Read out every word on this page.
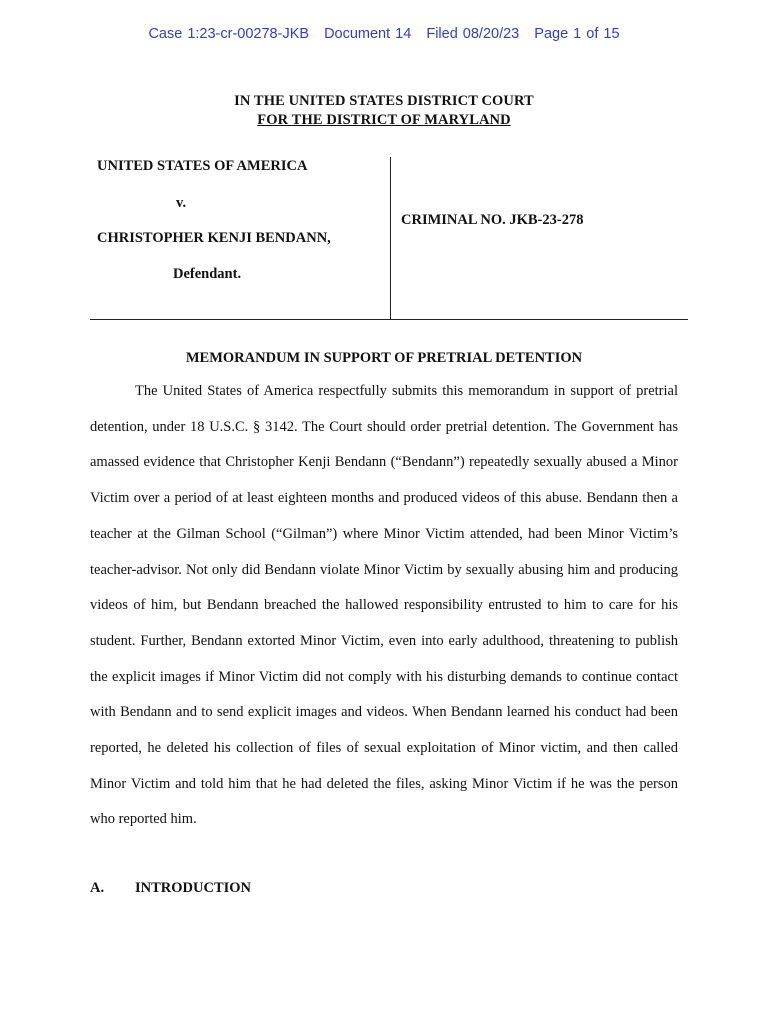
Case 1:23-cr-00278-JKB Document 14 Filed 08/20/23 Page 1 of 15
IN THE UNITED STATES DISTRICT COURT
FOR THE DISTRICT OF MARYLAND
UNITED STATES OF AMERICA
v.
CHRISTOPHER KENJI BENDANN,
Defendant.
CRIMINAL NO. JKB-23-278
MEMORANDUM IN SUPPORT OF PRETRIAL DETENTION

The United States of America respectfully submits this memorandum in support of pretrial detention, under 18 U.S.C. § 3142. The Court should order pretrial detention. The Government has amassed evidence that Christopher Kenji Bendann (“Bendann”) repeatedly sexually abused a Minor Victim over a period of at least eighteen months and produced videos of this abuse. Bendann then a teacher at the Gilman School (“Gilman”) where Minor Victim attended, had been Minor Victim’s teacher-advisor. Not only did Bendann violate Minor Victim by sexually abusing him and producing videos of him, but Bendann breached the hallowed responsibility entrusted to him to care for his student. Further, Bendann extorted Minor Victim, even into early adulthood, threatening to publish the explicit images if Minor Victim did not comply with his disturbing demands to continue contact with Bendann and to send explicit images and videos. When Bendann learned his conduct had been reported, he deleted his collection of files of sexual exploitation of Minor victim, and then called Minor Victim and told him that he had deleted the files, asking Minor Victim if he was the person who reported him.

A. INTRODUCTION
